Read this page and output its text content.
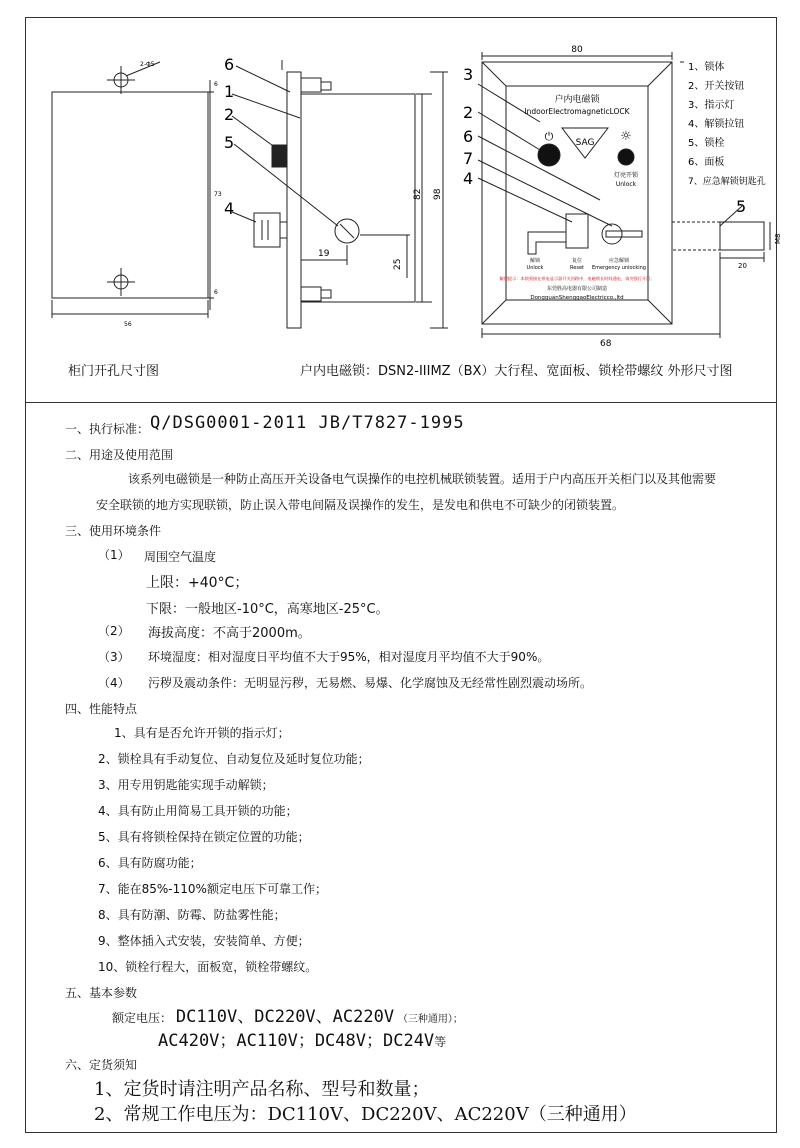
2-Φ5
56
73
6
6
6
1
2
5
4
19
25
82 98
80
户内电磁锁
IndoorElectromagneticLOCK
SAG
⏻	☼
灯亮开锁
Unlock
解锁
Unlock
复位
Reset
应急解锁
Emergency unlocking
解锁提示：本锁须接在带电显示器开关回路中，电磁锁长时间通电，请勿强行开门；
东莞胜高电器有限公司制造
DongguanShenggaoElectricco.,ltd
3
2
6
7
4
5
68
20
M8
1、锁体
2、开关按钮
3、指示灯
4、解锁拉钮
5、锁栓
6、面板
7、应急解锁钥匙孔
柜门开孔尺寸图	户内电磁锁：DSN2-IIIMZ（BX）大行程、宽面板、锁栓带螺纹 外形尺寸图
一、执行标准： Q/DSG0001-2011 JB/T7827-1995
二、用途及使用范围
该系列电磁锁是一种防止高压开关设备电气误操作的电控机械联锁装置。适用于户内高压开关柜门以及其他需要
安全联锁的地方实现联锁，防止误入带电间隔及误操作的发生，是发电和供电不可缺少的闭锁装置。
三、使用环境条件
（1） 周围空气温度
上限：+40°C；
下限：一般地区-10°C，高寒地区-25°C。
（2） 海拔高度：不高于2000m。
（3） 环境湿度：相对湿度日平均值不大于95%，相对湿度月平均值不大于90%。
（4） 污秽及震动条件：无明显污秽，无易燃、易爆、化学腐蚀及无经常性剧烈震动场所。
四、性能特点
1、具有是否允许开锁的指示灯；
2、锁栓具有手动复位、自动复位及延时复位功能；
3、用专用钥匙能实现手动解锁；
4、具有防止用简易工具开锁的功能；
5、具有将锁栓保持在锁定位置的功能；
6、具有防腐功能；
7、能在85%-110%额定电压下可靠工作；
8、具有防潮、防霉、防盐雾性能；
9、整体插入式安装，安装简单、方便；
10、锁栓行程大，面板宽，锁栓带螺纹。
五、基本参数
额定电压： DC110V、DC220V、AC220V （三种通用）；
AC420V；AC110V；DC48V；DC24V等
六、定货须知
1、定货时请注明产品名称、型号和数量；
2、常规工作电压为：DC110V、DC220V、AC220V（三种通用）
